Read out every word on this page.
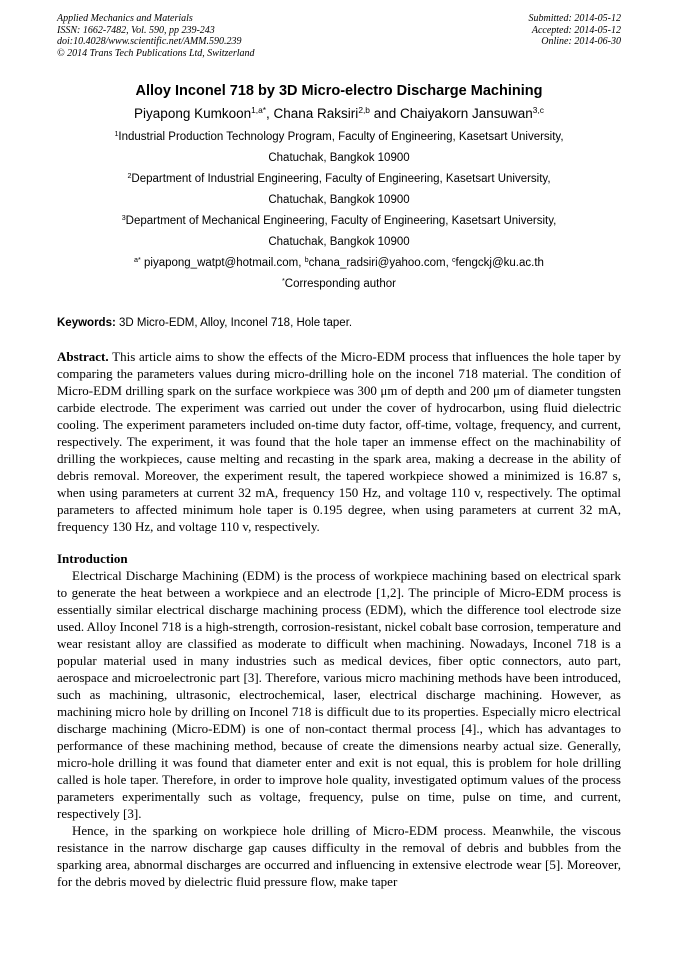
Applied Mechanics and Materials
ISSN: 1662-7482, Vol. 590, pp 239-243
doi:10.4028/www.scientific.net/AMM.590.239
© 2014 Trans Tech Publications Ltd, Switzerland
Submitted: 2014-05-12
Accepted: 2014-05-12
Online: 2014-06-30
Alloy Inconel 718 by 3D Micro-electro Discharge Machining
Piyapong Kumkoon$^{1,a*}$, Chana Raksiri$^{2,b}$ and Chaiyakorn Jansuwan$^{3,c}$
$^1$Industrial Production Technology Program, Faculty of Engineering, Kasetsart University,
Chatuchak, Bangkok 10900
$^2$Department of Industrial Engineering, Faculty of Engineering, Kasetsart University,
Chatuchak, Bangkok 10900
$^3$Department of Mechanical Engineering, Faculty of Engineering, Kasetsart University,
Chatuchak, Bangkok 10900
$^{a*}$ piyapong_watpt@hotmail.com, $^b$chana_radsiri@yahoo.com, $^c$fengckj@ku.ac.th
*Corresponding author
Keywords: 3D Micro-EDM, Alloy, Inconel 718, Hole taper.

Abstract. This article aims to show the effects of the Micro-EDM process that influences the hole taper by comparing the parameters values during micro-drilling hole on the inconel 718 material. The condition of Micro-EDM drilling spark on the surface workpiece was 300 μm of depth and 200 μm of diameter tungsten carbide electrode. The experiment was carried out under the cover of hydrocarbon, using fluid dielectric cooling. The experiment parameters included on-time duty factor, off-time, voltage, frequency, and current, respectively. The experiment, it was found that the hole taper an immense effect on the machinability of drilling the workpieces, cause melting and recasting in the spark area, making a decrease in the ability of debris removal. Moreover, the experiment result, the tapered workpiece showed a minimized is 16.87 s, when using parameters at current 32 mA, frequency 150 Hz, and voltage 110 v, respectively. The optimal parameters to affected minimum hole taper is 0.195 degree, when using parameters at current 32 mA, frequency 130 Hz, and voltage 110 v, respectively.

Introduction

Electrical Discharge Machining (EDM) is the process of workpiece machining based on electrical spark to generate the heat between a workpiece and an electrode [1,2]. The principle of Micro-EDM process is essentially similar electrical discharge machining process (EDM), which the difference tool electrode size used. Alloy Inconel 718 is a high-strength, corrosion-resistant, nickel cobalt base corrosion, temperature and wear resistant alloy are classified as moderate to difficult when machining. Nowadays, Inconel 718 is a popular material used in many industries such as medical devices, fiber optic connectors, auto part, aerospace and microelectronic part [3]. Therefore, various micro machining methods have been introduced, such as machining, ultrasonic, electrochemical, laser, electrical discharge machining. However, as machining micro hole by drilling on Inconel 718 is difficult due to its properties. Especially micro electrical discharge machining (Micro-EDM) is one of non-contact thermal process [4]., which has advantages to performance of these machining method, because of create the dimensions nearby actual size. Generally, micro-hole drilling it was found that diameter enter and exit is not equal, this is problem for hole drilling called is hole taper. Therefore, in order to improve hole quality, investigated optimum values of the process parameters experimentally such as voltage, frequency, pulse on time, pulse on time, and current, respectively [3].

Hence, in the sparking on workpiece hole drilling of Micro-EDM process. Meanwhile, the viscous resistance in the narrow discharge gap causes difficulty in the removal of debris and bubbles from the sparking area, abnormal discharges are occurred and influencing in extensive electrode wear [5]. Moreover, for the debris moved by dielectric fluid pressure flow, make taper
